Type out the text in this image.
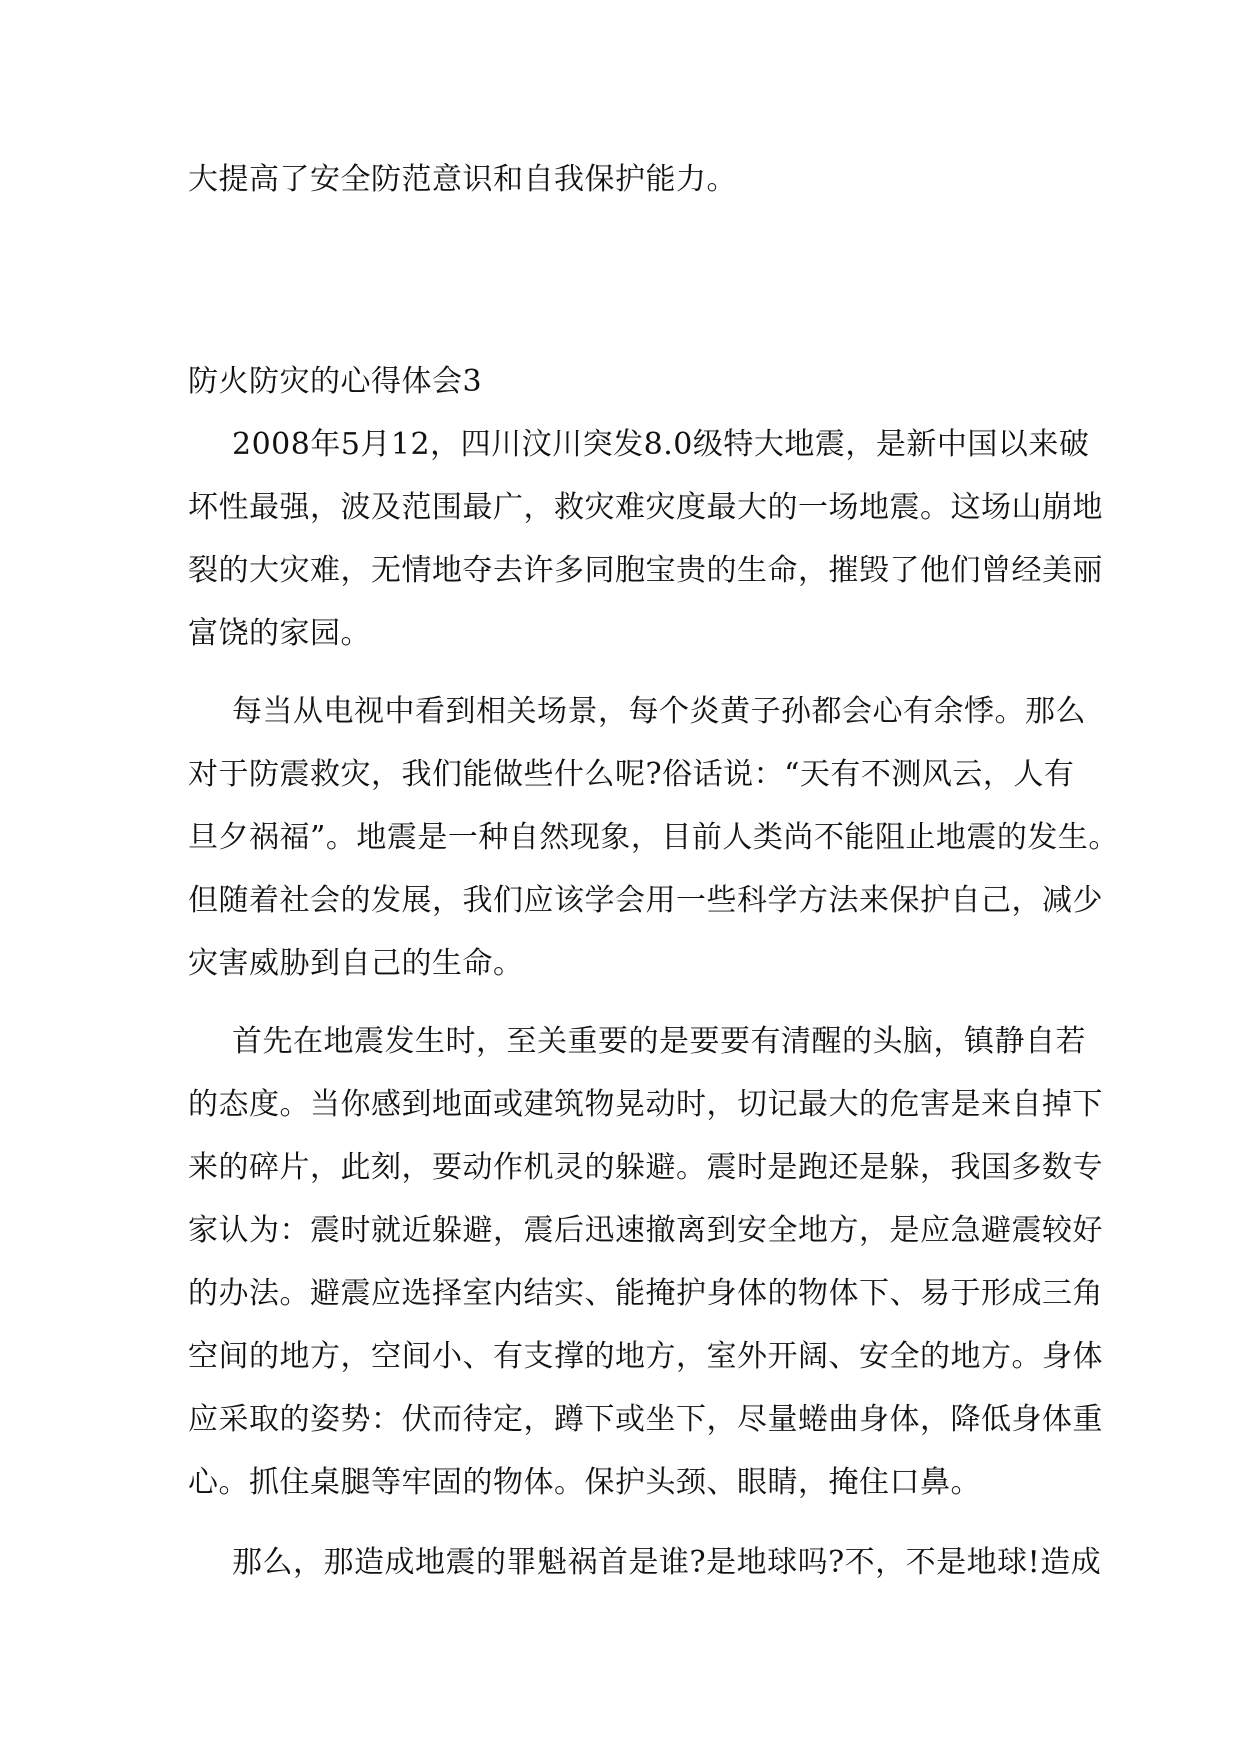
大提高了安全防范意识和自我保护能力。

防火防灾的心得体会3

2008年5月12，四川汶川突发8.0级特大地震，是新中国以来破
坏性最强，波及范围最广，救灾难灾度最大的一场地震。这场山崩地
裂的大灾难，无情地夺去许多同胞宝贵的生命，摧毁了他们曾经美丽
富饶的家园。

每当从电视中看到相关场景，每个炎黄子孙都会心有余悸。那么
对于防震救灾，我们能做些什么呢?俗话说：“天有不测风云，人有
旦夕祸福”。地震是一种自然现象，目前人类尚不能阻止地震的发生。
但随着社会的发展，我们应该学会用一些科学方法来保护自己，减少
灾害威胁到自己的生命。

首先在地震发生时，至关重要的是要要有清醒的头脑，镇静自若
的态度。当你感到地面或建筑物晃动时，切记最大的危害是来自掉下
来的碎片，此刻，要动作机灵的躲避。震时是跑还是躲，我国多数专
家认为：震时就近躲避，震后迅速撤离到安全地方，是应急避震较好
的办法。避震应选择室内结实、能掩护身体的物体下、易于形成三角
空间的地方，空间小、有支撑的地方，室外开阔、安全的地方。身体
应采取的姿势：伏而待定，蹲下或坐下，尽量蜷曲身体，降低身体重
心。抓住桌腿等牢固的物体。保护头颈、眼睛，掩住口鼻。

那么，那造成地震的罪魁祸首是谁?是地球吗?不，不是地球!造成
